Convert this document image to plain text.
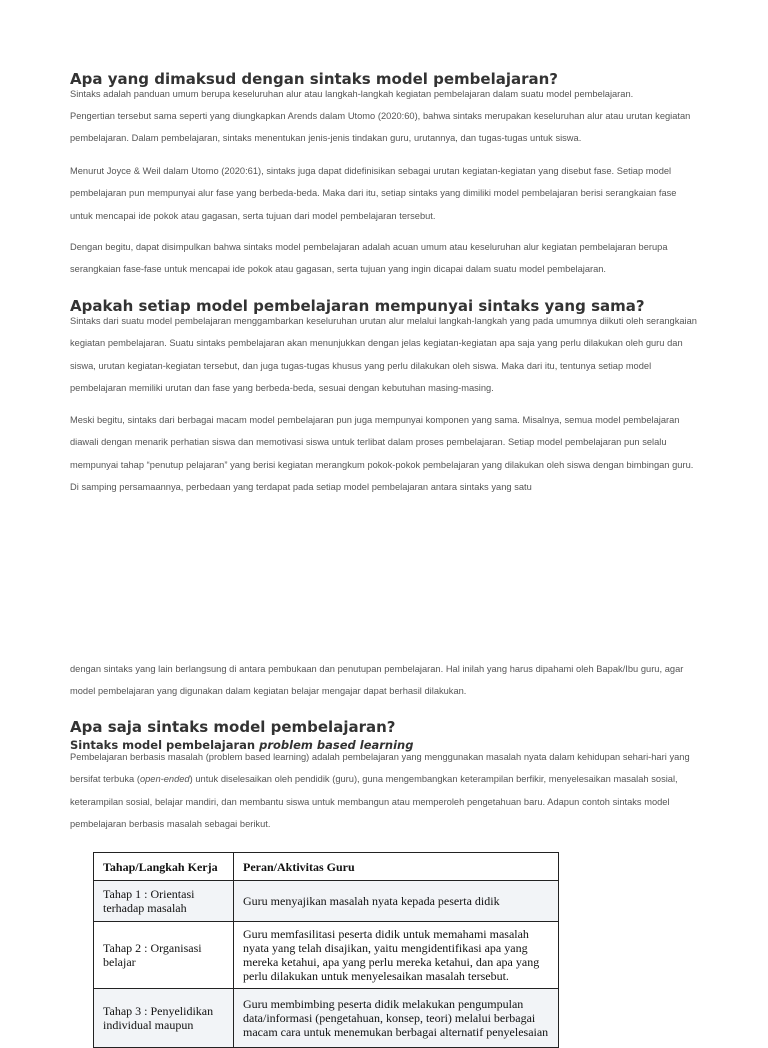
Apa yang dimaksud dengan sintaks model pembelajaran?

Sintaks adalah panduan umum berupa keseluruhan alur atau langkah-langkah kegiatan pembelajaran dalam suatu model pembelajaran.

Pengertian tersebut sama seperti yang diungkapkan Arends dalam Utomo (2020:60), bahwa sintaks merupakan keseluruhan alur atau urutan kegiatan pembelajaran. Dalam pembelajaran, sintaks menentukan jenis-jenis tindakan guru, urutannya, dan tugas-tugas untuk siswa.

Menurut Joyce & Weil dalam Utomo (2020:61), sintaks juga dapat didefinisikan sebagai urutan kegiatan-kegiatan yang disebut fase. Setiap model pembelajaran pun mempunyai alur fase yang berbeda-beda. Maka dari itu, setiap sintaks yang dimiliki model pembelajaran berisi serangkaian fase untuk mencapai ide pokok atau gagasan, serta tujuan dari model pembelajaran tersebut.

Dengan begitu, dapat disimpulkan bahwa sintaks model pembelajaran adalah acuan umum atau keseluruhan alur kegiatan pembelajaran berupa serangkaian fase-fase untuk mencapai ide pokok atau gagasan, serta tujuan yang ingin dicapai dalam suatu model pembelajaran.

Apakah setiap model pembelajaran mempunyai sintaks yang sama?

Sintaks dari suatu model pembelajaran menggambarkan keseluruhan urutan alur melalui langkah-langkah yang pada umumnya diikuti oleh serangkaian kegiatan pembelajaran. Suatu sintaks pembelajaran akan menunjukkan dengan jelas kegiatan-kegiatan apa saja yang perlu dilakukan oleh guru dan siswa, urutan kegiatan-kegiatan tersebut, dan juga tugas-tugas khusus yang perlu dilakukan oleh siswa. Maka dari itu, tentunya setiap model pembelajaran memiliki urutan dan fase yang berbeda-beda, sesuai dengan kebutuhan masing-masing.

Meski begitu, sintaks dari berbagai macam model pembelajaran pun juga mempunyai komponen yang sama. Misalnya, semua model pembelajaran diawali dengan menarik perhatian siswa dan memotivasi siswa untuk terlibat dalam proses pembelajaran. Setiap model pembelajaran pun selalu mempunyai tahap “penutup pelajaran” yang berisi kegiatan merangkum pokok-pokok pembelajaran yang dilakukan oleh siswa dengan bimbingan guru. Di samping persamaannya, perbedaan yang terdapat pada setiap model pembelajaran antara sintaks yang satu

dengan sintaks yang lain berlangsung di antara pembukaan dan penutupan pembelajaran. Hal inilah yang harus dipahami oleh Bapak/Ibu guru, agar model pembelajaran yang digunakan dalam kegiatan belajar mengajar dapat berhasil dilakukan.

Apa saja sintaks model pembelajaran?
Sintaks model pembelajaran problem based learning

Pembelajaran berbasis masalah (problem based learning) adalah pembelajaran yang menggunakan masalah nyata dalam kehidupan sehari-hari yang bersifat terbuka (open-ended) untuk diselesaikan oleh pendidik (guru), guna mengembangkan keterampilan berfikir, menyelesaikan masalah sosial, keterampilan sosial, belajar mandiri, dan membantu siswa untuk membangun atau memperoleh pengetahuan baru. Adapun contoh sintaks model pembelajaran berbasis masalah sebagai berikut.

Tahap/Langkah Kerja	Peran/Aktivitas Guru
Tahap 1 : Orientasi terhadap masalah	Guru menyajikan masalah nyata kepada peserta didik
Tahap 2 : Organisasi belajar	Guru memfasilitasi peserta didik untuk memahami masalah nyata yang telah disajikan, yaitu mengidentifikasi apa yang mereka ketahui, apa yang perlu mereka ketahui, dan apa yang perlu dilakukan untuk menyelesaikan masalah tersebut.
Tahap 3 : Penyelidikan individual maupun	Guru membimbing peserta didik melakukan pengumpulan data/informasi (pengetahuan, konsep, teori) melalui berbagai macam cara untuk menemukan berbagai alternatif penyelesaian
